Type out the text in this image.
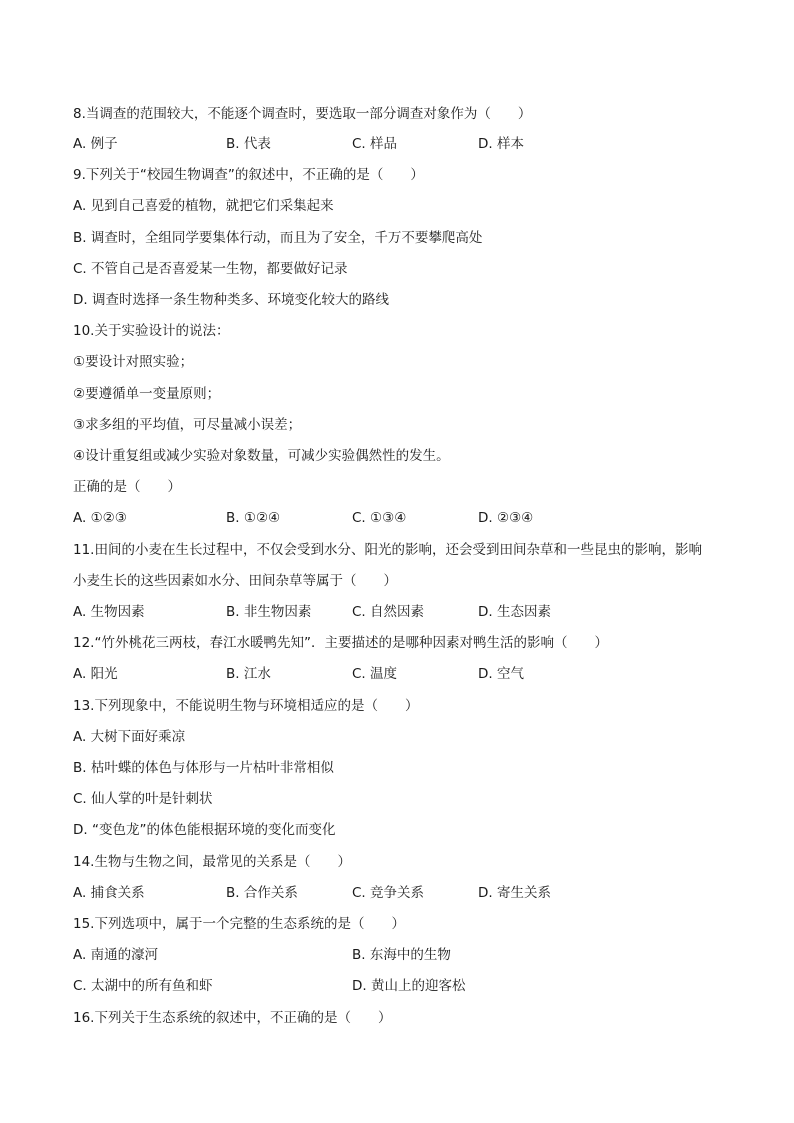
8.当调查的范围较大，不能逐个调查时，要选取一部分调查对象作为（　　）
A. 例子	B. 代表	C. 样品	D. 样本
9.下列关于“校园生物调查”的叙述中，不正确的是（　　）
A. 见到自己喜爱的植物，就把它们采集起来
B. 调查时，全组同学要集体行动，而且为了安全，千万不要攀爬高处
C. 不管自己是否喜爱某一生物，都要做好记录
D. 调查时选择一条生物种类多、环境变化较大的路线
10.关于实验设计的说法：
①要设计对照实验；
②要遵循单一变量原则；
③求多组的平均值，可尽量减小误差；
④设计重复组或减少实验对象数量，可减少实验偶然性的发生。
正确的是（　　）
A. ①②③	B. ①②④	C. ①③④	D. ②③④
11.田间的小麦在生长过程中，不仅会受到水分、阳光的影响，还会受到田间杂草和一些昆虫的影响，影响
小麦生长的这些因素如水分、田间杂草等属于（　　）
A. 生物因素	B. 非生物因素	C. 自然因素	D. 生态因素
12.“竹外桃花三两枝，春江水暖鸭先知”．主要描述的是哪种因素对鸭生活的影响（　　）
A. 阳光	B. 江水	C. 温度	D. 空气
13.下列现象中，不能说明生物与环境相适应的是（　　）
A. 大树下面好乘凉
B. 枯叶蝶的体色与体形与一片枯叶非常相似
C. 仙人掌的叶是针刺状
D. “变色龙”的体色能根据环境的变化而变化
14.生物与生物之间，最常见的关系是（　　）
A. 捕食关系	B. 合作关系	C. 竞争关系	D. 寄生关系
15.下列选项中，属于一个完整的生态系统的是（　　）
A. 南通的濠河	B. 东海中的生物
C. 太湖中的所有鱼和虾	D. 黄山上的迎客松
16.下列关于生态系统的叙述中，不正确的是（　　）
